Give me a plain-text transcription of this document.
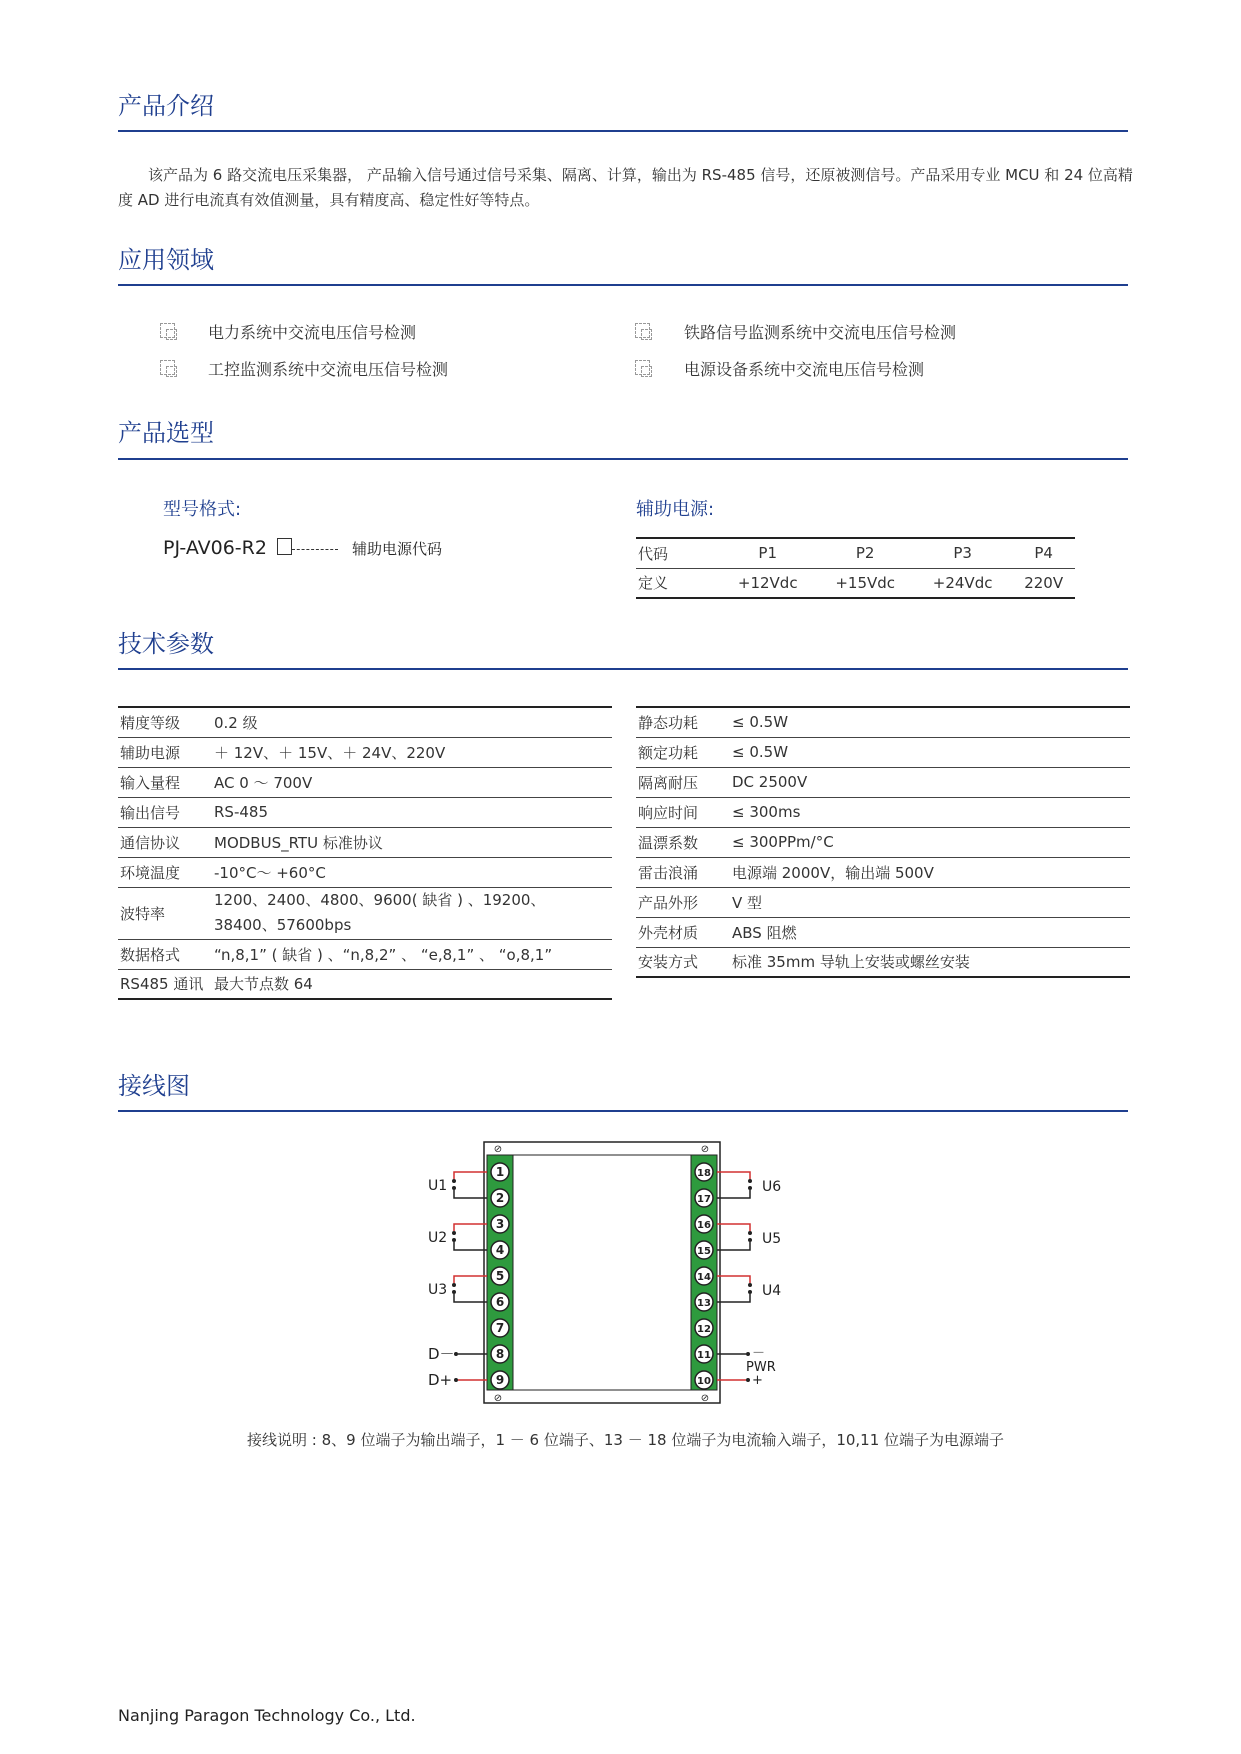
产品介绍
　　该产品为 6 路交流电压采集器， 产品输入信号通过信号采集、隔离、计算，输出为 RS-485 信号，还原被测信号。产品采用专业 MCU 和 24 位高精度 AD 进行电流真有效值测量，具有精度高、稳定性好等特点。
应用领域
电力系统中交流电压信号检测	铁路信号监测系统中交流电压信号检测
工控监测系统中交流电压信号检测	电源设备系统中交流电压信号检测
产品选型
型号格式:
PJ-AV06-R2	辅助电源代码
辅助电源:
代码	P1	P2	P3	P4
定义	+12Vdc	+15Vdc	+24Vdc	220V
技术参数
精度等级	0.2 级
辅助电源	＋ 12V、＋ 15V、＋ 24V、220V
输入量程	AC 0 ～ 700V
输出信号	RS-485
通信协议	MODBUS_RTU 标准协议
环境温度	-10°C～ +60°C
波特率	1200、2400、4800、9600( 缺省 ) 、19200、38400、57600bps
数据格式	“n,8,1” ( 缺省 ) 、“n,8,2” 、 “e,8,1” 、 “o,8,1”
RS485 通讯	最大节点数 64
静态功耗	≤ 0.5W
额定功耗	≤ 0.5W
隔离耐压	DC 2500V
响应时间	≤ 300ms
温漂系数	≤ 300PPm/°C
雷击浪涌	电源端 2000V，输出端 500V
产品外形	V 型
外壳材质	ABS 阻燃
安装方式	标准 35mm 导轨上安装或螺丝安装
接线图
⊘	⊘
⊘	⊘
1
2
3
4
5
6
7
8
9
18
17
16
15
14
13
12
11
10
U1
U2
U3
D－
D+
U6
U5
U4
PWR
－
+
接线说明 : 8、9 位端子为输出端子，1 － 6 位端子、13 － 18 位端子为电流输入端子，10,11 位端子为电源端子
Nanjing Paragon Technology Co., Ltd.
